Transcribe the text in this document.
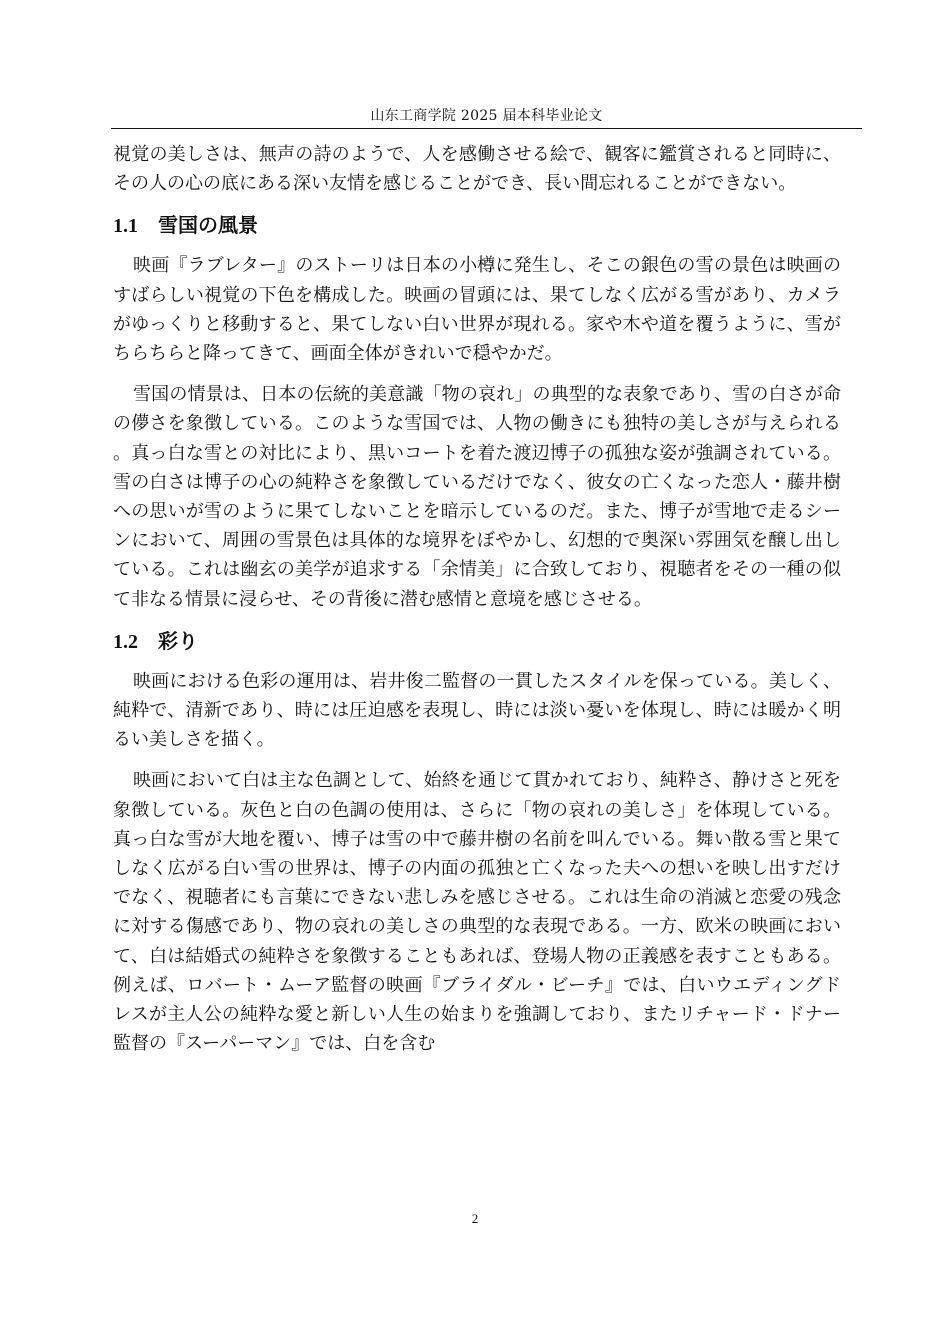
山东工商学院 2025 届本科毕业论文

視覚の美しさは、無声の詩のようで、人を感働させる絵で、観客に鑑賞されると同時に、その人の心の底にある深い友情を感じることができ、長い間忘れることができない。

1.1 雪国の風景

映画『ラブレター』のストーリは日本の小樽に発生し、そこの銀色の雪の景色は映画のすばらしい視覚の下色を構成した。映画の冒頭には、果てしなく広がる雪があり、カメラがゆっくりと移動すると、果てしない白い世界が現れる。家や木や道を覆うように、雪がちらちらと降ってきて、画面全体がきれいで穏やかだ。

雪国の情景は、日本の伝統的美意識「物の哀れ」の典型的な表象であり、雪の白さが命の儚さを象徴している。このような雪国では、人物の働きにも独特の美しさが与えられる。真っ白な雪との対比により、黒いコートを着た渡辺博子の孤独な姿が強調されている。雪の白さは博子の心の純粋さを象徴しているだけでなく、彼女の亡くなった恋人・藤井樹への思いが雪のように果てしないことを暗示しているのだ。また、博子が雪地で走るシーンにおいて、周囲の雪景色は具体的な境界をぼやかし、幻想的で奥深い雰囲気を醸し出している。これは幽玄の美学が追求する「余情美」に合致しており、視聴者をその一種の似て非なる情景に浸らせ、その背後に潜む感情と意境を感じさせる。

1.2 彩り

映画における色彩の運用は、岩井俊二監督の一貫したスタイルを保っている。美しく、純粋で、清新であり、時には圧迫感を表現し、時には淡い憂いを体現し、時には暖かく明るい美しさを描く。

映画において白は主な色調として、始終を通じて貫かれており、純粋さ、静けさと死を象徴している。灰色と白の色調の使用は、さらに「物の哀れの美しさ」を体現している。真っ白な雪が大地を覆い、博子は雪の中で藤井樹の名前を叫んでいる。舞い散る雪と果てしなく広がる白い雪の世界は、博子の内面の孤独と亡くなった夫への想いを映し出すだけでなく、視聴者にも言葉にできない悲しみを感じさせる。これは生命の消滅と恋愛の残念に対する傷感であり、物の哀れの美しさの典型的な表現である。一方、欧米の映画において、白は結婚式の純粋さを象徴することもあれば、登場人物の正義感を表すこともある。例えば、ロバート・ムーア監督の映画『ブライダル・ビーチ』では、白いウエディングドレスが主人公の純粋な愛と新しい人生の始まりを強調しており、またリチャード・ドナー監督の『スーパーマン』では、白を含む

2
